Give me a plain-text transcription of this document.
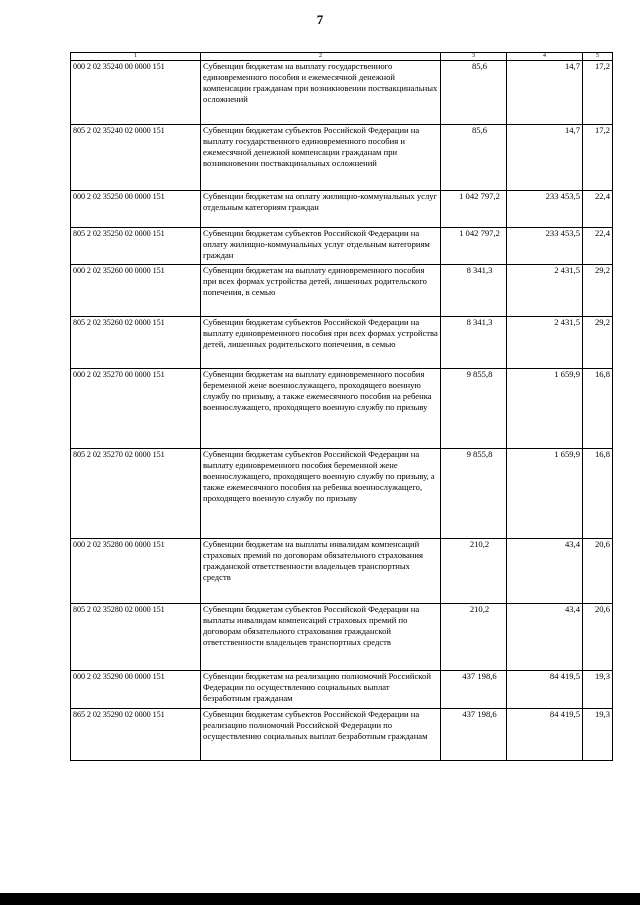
7
1	2	3	4	5
000 2 02 35240 00 0000 151	Субвенции бюджетам на выплату государственного единовременного пособия и ежемесячной денежной компенсации гражданам при возникновении поствакцинальных осложнений	85,6	14,7	17,2
805 2 02 35240 02 0000 151	Субвенции бюджетам субъектов Российской Федерации на выплату государственного единовременного пособия и ежемесячной денежной компенсации гражданам при возникновении поствакцинальных осложнений	85,6	14,7	17,2
000 2 02 35250 00 0000 151	Субвенции бюджетам на оплату жилищно-коммунальных услуг отдельным категориям граждан	1 042 797,2	233 453,5	22,4
805 2 02 35250 02 0000 151	Субвенции бюджетам субъектов Российской Федерации на оплату жилищно-коммунальных услуг отдельным категориям граждан	1 042 797,2	233 453,5	22,4
000 2 02 35260 00 0000 151	Субвенции бюджетам на выплату единовременного пособия при всех формах устройства детей, лишенных родительского попечения, в семью	8 341,3	2 431,5	29,2
805 2 02 35260 02 0000 151	Субвенции бюджетам субъектов Российской Федерации на выплату единовременного пособия при всех формах устройства детей, лишенных родительского попечения, в семью	8 341,3	2 431,5	29,2
000 2 02 35270 00 0000 151	Субвенции бюджетам на выплату единовременного пособия беременной жене военнослужащего, проходящего военную службу по призыву, а также ежемесячного пособия на ребенка военнослужащего, проходящего военную службу по призыву	9 855,8	1 659,9	16,8
805 2 02 35270 02 0000 151	Субвенции бюджетам субъектов Российской Федерации на выплату единовременного пособия беременной жене военнослужащего, проходящего военную службу по призыву, а также ежемесячного пособия на ребенка военнослужащего, проходящего военную службу по призыву	9 855,8	1 659,9	16,8
000 2 02 35280 00 0000 151	Субвенции бюджетам на выплаты инвалидам компенсаций страховых премий по договорам обязательного страхования гражданской ответственности владельцев транспортных средств	210,2	43,4	20,6
805 2 02 35280 02 0000 151	Субвенции бюджетам субъектов Российской Федерации на выплаты инвалидам компенсаций страховых премий по договорам обязательного страхования гражданской ответственности владельцев транспортных средств	210,2	43,4	20,6
000 2 02 35290 00 0000 151	Субвенции бюджетам на реализацию полномочий Российской Федерации по осуществлению социальных выплат безработным гражданам	437 198,6	84 419,5	19,3
865 2 02 35290 02 0000 151	Субвенции бюджетам субъектов Российской Федерации на реализацию полномочий Российской Федерации по осуществлению социальных выплат безработным гражданам	437 198,6	84 419,5	19,3
